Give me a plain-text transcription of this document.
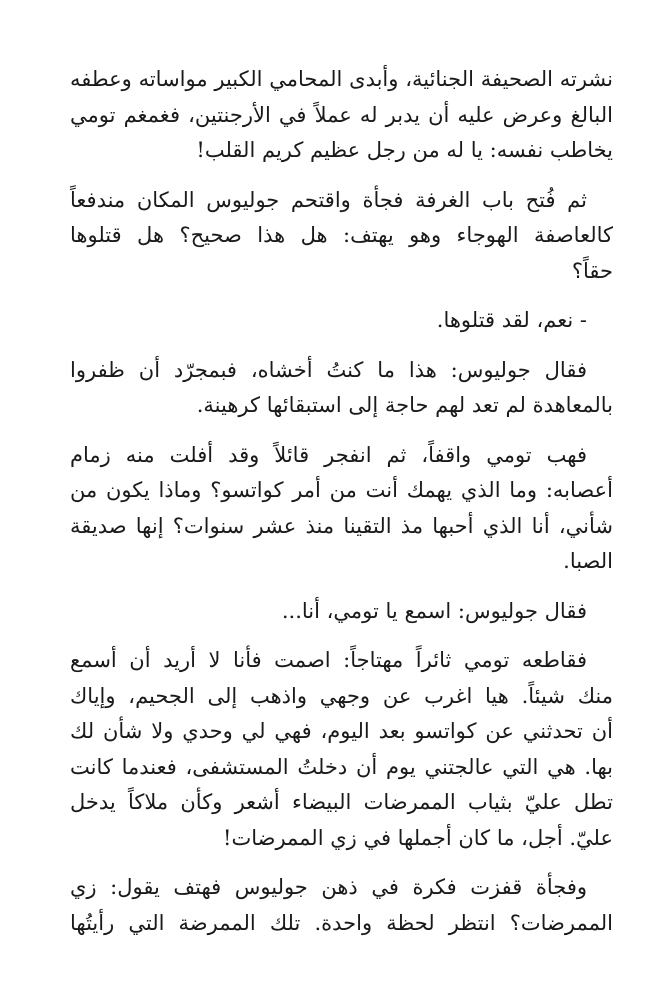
نشرته الصحيفة الجنائية، وأبدى المحامي الكبير مواساته وعطفه
البالغ وعرض عليه أن يدبر له عملاً في الأرجنتين، فغمغم تومي
يخاطب نفسه: يا له من رجل عظيم كريم القلب!

ثم فُتح باب الغرفة فجأة واقتحم جوليوس المكان مندفعاً
كالعاصفة الهوجاء وهو يهتف: هل هذا صحيح؟ هل قتلوها
حقاً؟

- نعم، لقد قتلوها.

فقال جوليوس: هذا ما كنتُ أخشاه، فبمجرّد أن ظفروا
بالمعاهدة لم تعد لهم حاجة إلى استبقائها كرهينة.

فهب تومي واقفاً، ثم انفجر قائلاً وقد أفلت منه زمام
أعصابه: وما الذي يهمك أنت من أمر كواتسو؟ وماذا يكون من
شأني، أنا الذي أحبها مذ التقينا منذ عشر سنوات؟ إنها صديقة
الصبا.

فقال جوليوس: اسمع يا تومي، أنا...

فقاطعه تومي ثائراً مهتاجاً: اصمت فأنا لا أريد أن أسمع
منك شيئاً. هيا اغرب عن وجهي واذهب إلى الجحيم، وإياك
أن تحدثني عن كواتسو بعد اليوم، فهي لي وحدي ولا شأن لك
بها. هي التي عالجتني يوم أن دخلتُ المستشفى، فعندما كانت
تطل عليّ بثياب الممرضات البيضاء أشعر وكأن ملاكاً يدخل
عليّ. أجل، ما كان أجملها في زي الممرضات!

وفجأة قفزت فكرة في ذهن جوليوس فهتف يقول: زي
الممرضات؟ انتظر لحظة واحدة. تلك الممرضة التي رأيتُها
